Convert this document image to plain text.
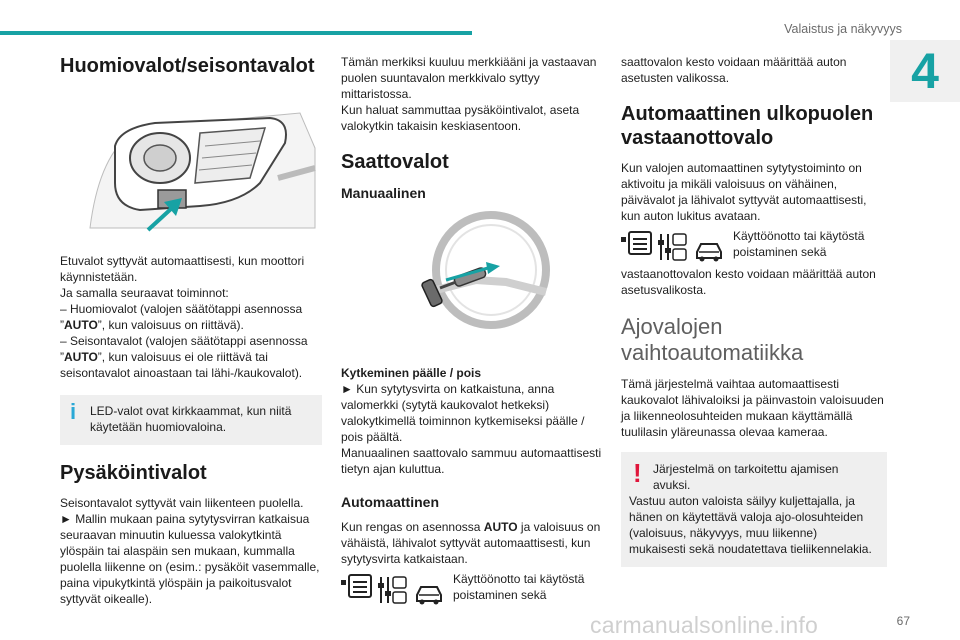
Valaistus ja näkyvyys
4
Huomiovalot/seisontavalot

Etuvalot syttyvät automaattisesti, kun moottori käynnistetään.

Ja samalla seuraavat toiminnot:

– Huomiovalot (valojen säätötappi asennossa ”AUTO”, kun valoisuus on riittävä).

– Seisontavalot (valojen säätötappi asennossa ”AUTO”, kun valoisuus ei ole riittävä tai seisontavalot ainoastaan tai lähi-/kaukovalot).

i LED-valot ovat kirkkaammat, kun niitä käytetään huomiovaloina.
Pysäköintivalot

Seisontavalot syttyvät vain liikenteen puolella.

► Mallin mukaan paina sytytysvirran katkaisua seuraavan minuutin kuluessa valokytkintä ylöspäin tai alaspäin sen mukaan, kummalla puolella liikenne on (esim.: pysäköit vasemmalle, paina vipukytkintä ylöspäin ja paikoitusvalot syttyvät oikealle).

Tämän merkiksi kuuluu merkkiääni ja vastaavan puolen suuntavalon merkkivalo syttyy mittaristossa.

Kun haluat sammuttaa pysäköintivalot, aseta valokytkin takaisin keskiasentoon.

Saattovalot
Manuaalinen

Kytkeminen päälle / pois

► Kun sytytysvirta on katkaistuna, anna valomerkki (sytytä kaukovalot hetkeksi) valokytkimellä toiminnon kytkemiseksi päälle / pois päältä.

Manuaalinen saattovalo sammuu automaattisesti tietyn ajan kuluttua.

Automaattinen

Kun rengas on asennossa AUTO ja valoisuus on vähäistä, lähivalot syttyvät automaattisesti, kun sytytysvirta katkaistaan.

Käyttöönotto tai käytöstä poistaminen sekä

saattovalon kesto voidaan määrittää auton asetusten valikossa.

Automaattinen ulkopuolen vastaanottovalo

Kun valojen automaattinen sytytystoiminto on aktivoitu ja mikäli valoisuus on vähäinen, päivävalot ja lähivalot syttyvät automaattisesti, kun auton lukitus avataan.

Käyttöönotto tai käytöstä poistaminen sekä

vastaanottovalon kesto voidaan määrittää auton asetusvalikosta.

Ajovalojen vaihtoautomatiikka

Tämä järjestelmä vaihtaa automaattisesti kaukovalot lähivaloiksi ja päinvastoin valoisuuden ja liikenneolosuhteiden mukaan käyttämällä tuulilasin yläreunassa olevaa kameraa.

! Järjestelmä on tarkoitettu ajamisen avuksi.
Vastuu auton valoista säilyy kuljettajalla, ja hänen on käytettävä valoja ajo-olosuhteiden (valoisuus, näkyvyys, muu liikenne) mukaisesti sekä noudatettava tieliikennelakia.
carmanualsonline.info	67
